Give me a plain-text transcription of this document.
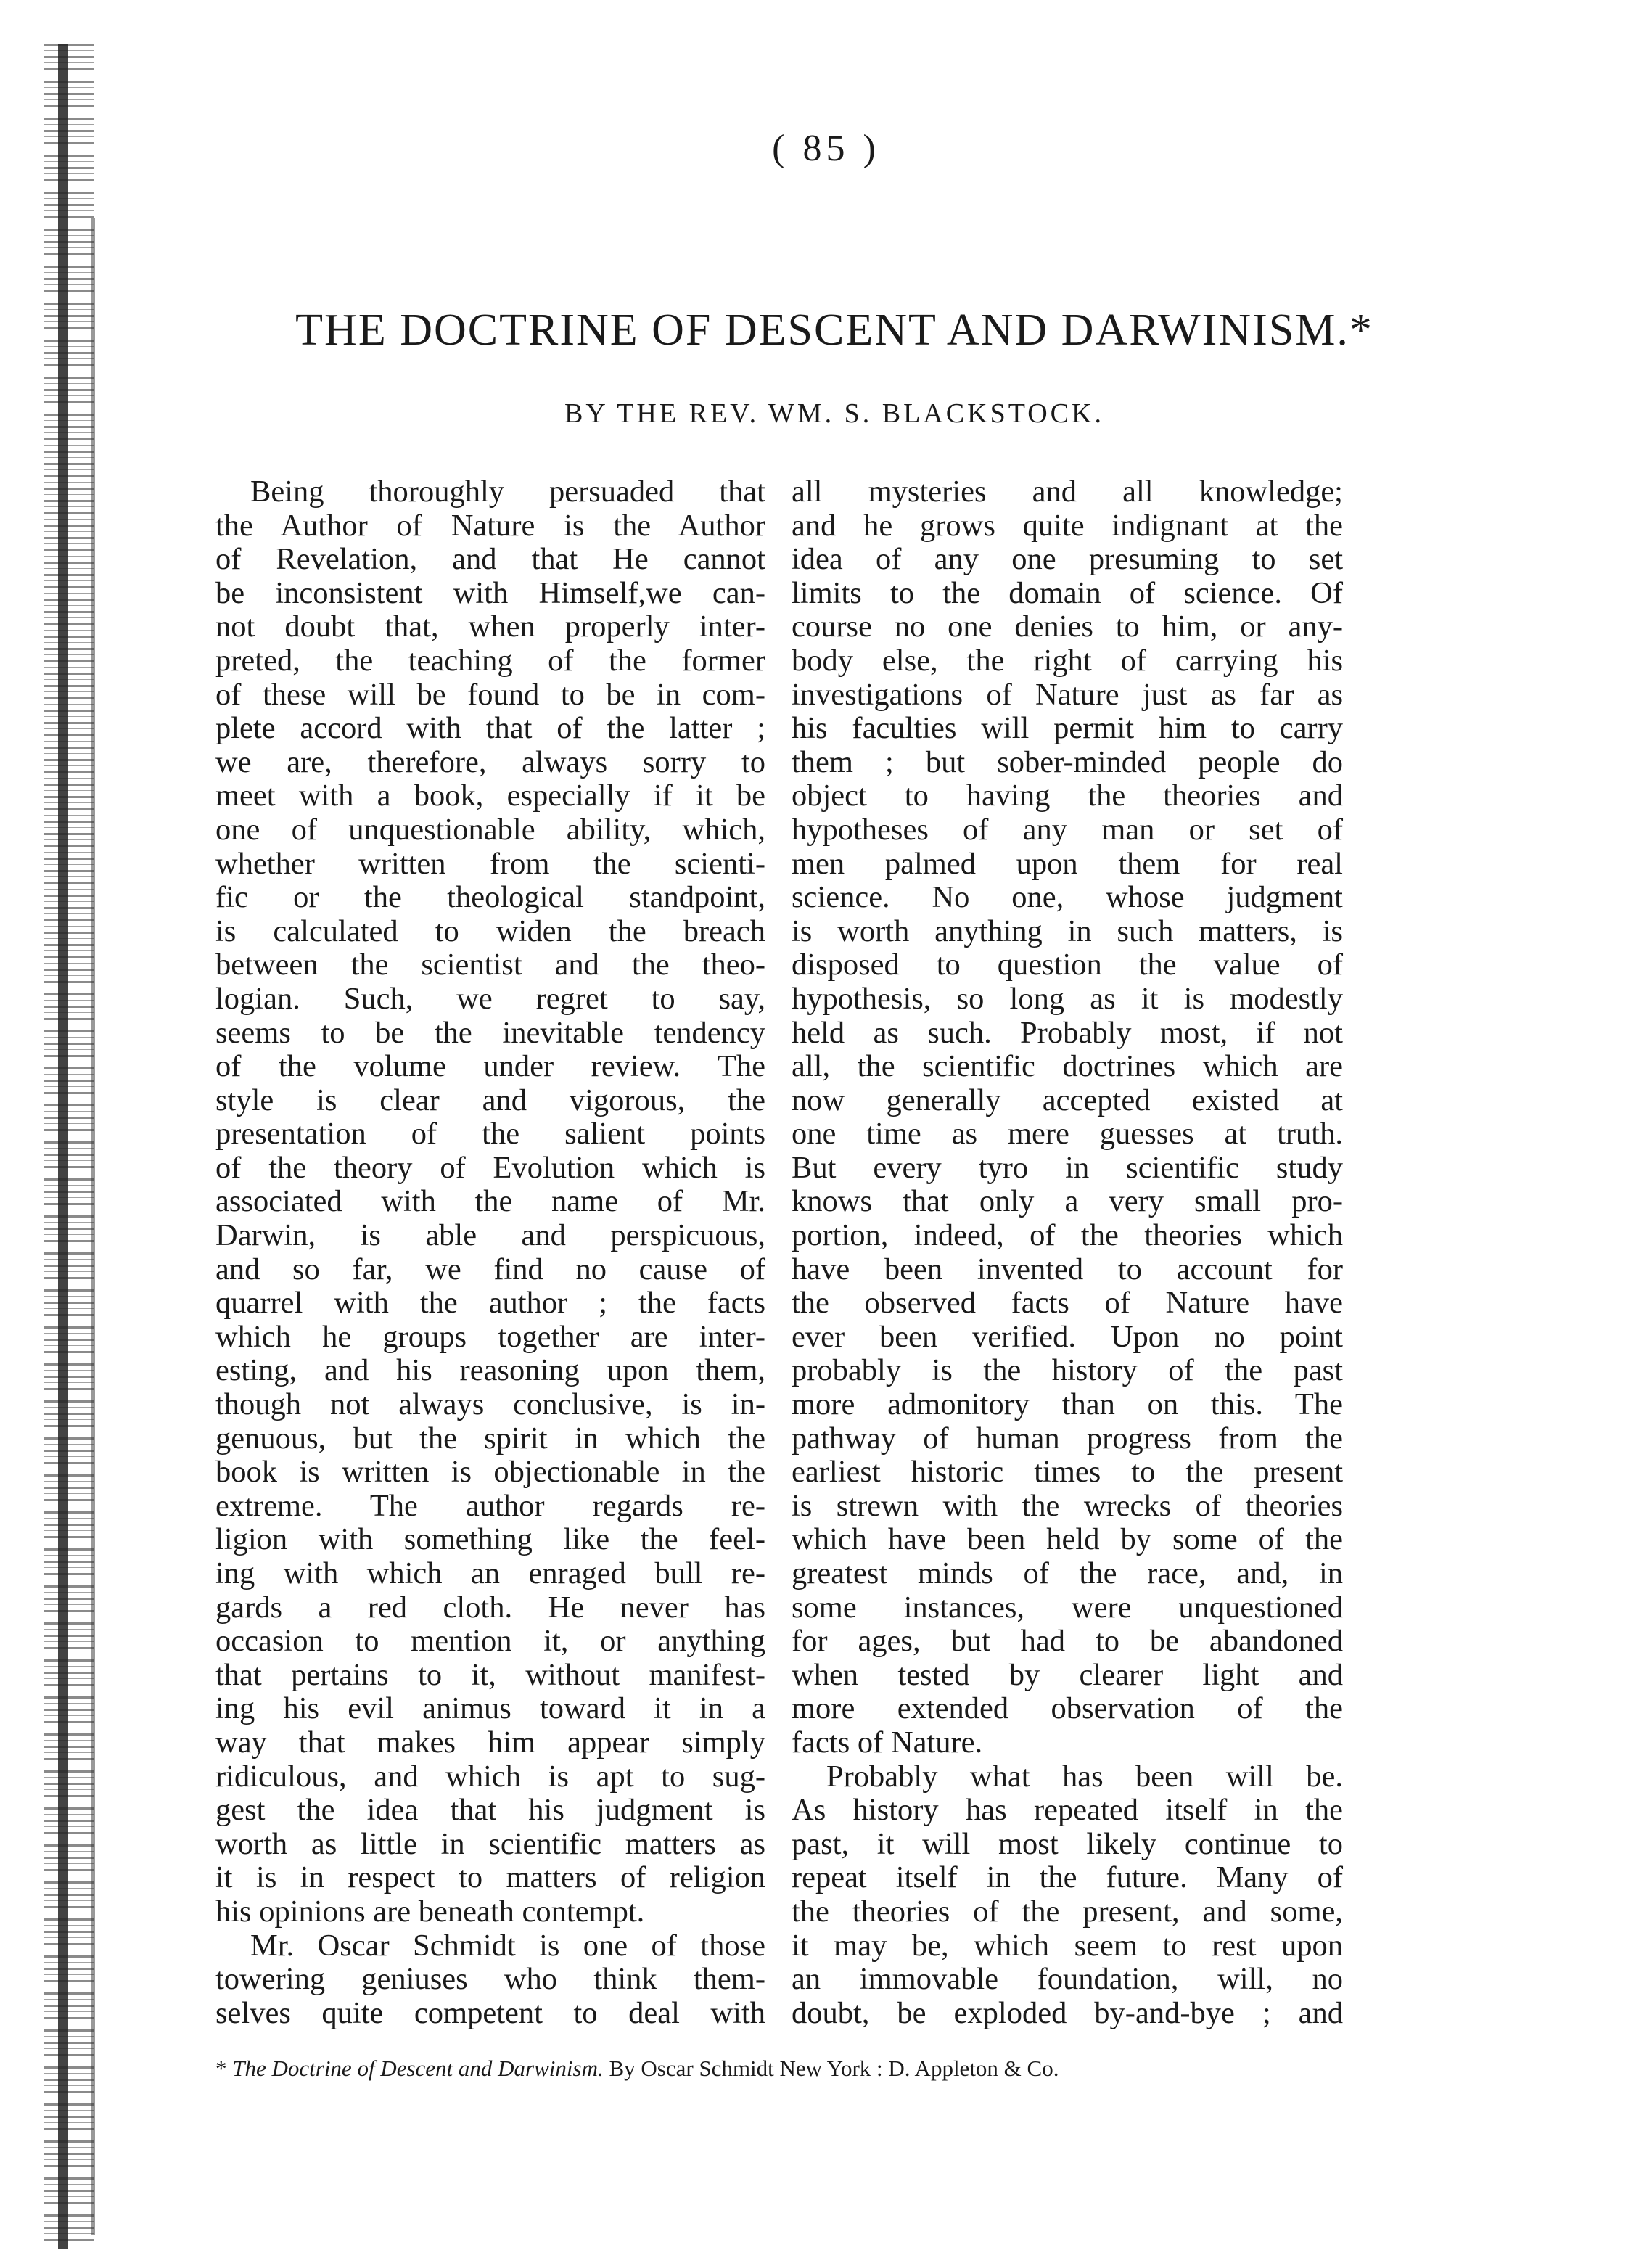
( 85 )
THE DOCTRINE OF DESCENT AND DARWINISM.*
BY THE REV. WM. S. BLACKSTOCK.
Being thoroughly persuaded that
the Author of Nature is the Author
of Revelation, and that He cannot
be inconsistent with Himself,we can-
not doubt that, when properly inter-
preted, the teaching of the former
of these will be found to be in com-
plete accord with that of the latter ;
we are, therefore, always sorry to
meet with a book, especially if it be
one of unquestionable ability, which,
whether written from the scienti-
fic or the theological standpoint,
is calculated to widen the breach
between the scientist and the theo-
logian. Such, we regret to say,
seems to be the inevitable tendency
of the volume under review. The
style is clear and vigorous, the
presentation of the salient points
of the theory of Evolution which is
associated with the name of Mr.
Darwin, is able and perspicuous,
and so far, we find no cause of
quarrel with the author ; the facts
which he groups together are inter-
esting, and his reasoning upon them,
though not always conclusive, is in-
genuous, but the spirit in which the
book is written is objectionable in the
extreme. The author regards re-
ligion with something like the feel-
ing with which an enraged bull re-
gards a red cloth. He never has
occasion to mention it, or anything
that pertains to it, without manifest-
ing his evil animus toward it in a
way that makes him appear simply
ridiculous, and which is apt to sug-
gest the idea that his judgment is
worth as little in scientific matters as
it is in respect to matters of religion
his opinions are beneath contempt.
Mr. Oscar Schmidt is one of those
towering geniuses who think them-
selves quite competent to deal with
all mysteries and all knowledge;
and he grows quite indignant at the
idea of any one presuming to set
limits to the domain of science. Of
course no one denies to him, or any-
body else, the right of carrying his
investigations of Nature just as far as
his faculties will permit him to carry
them ; but sober-minded people do
object to having the theories and
hypotheses of any man or set of
men palmed upon them for real
science. No one, whose judgment
is worth anything in such matters, is
disposed to question the value of
hypothesis, so long as it is modestly
held as such. Probably most, if not
all, the scientific doctrines which are
now generally accepted existed at
one time as mere guesses at truth.
But every tyro in scientific study
knows that only a very small pro-
portion, indeed, of the theories which
have been invented to account for
the observed facts of Nature have
ever been verified. Upon no point
probably is the history of the past
more admonitory than on this. The
pathway of human progress from the
earliest historic times to the present
is strewn with the wrecks of theories
which have been held by some of the
greatest minds of the race, and, in
some instances, were unquestioned
for ages, but had to be abandoned
when tested by clearer light and
more extended observation of the
facts of Nature.
Probably what has been will be.
As history has repeated itself in the
past, it will most likely continue to
repeat itself in the future. Many of
the theories of the present, and some,
it may be, which seem to rest upon
an immovable foundation, will, no
doubt, be exploded by-and-bye ; and
* The Doctrine of Descent and Darwinism. By Oscar Schmidt New York : D. Appleton & Co.
